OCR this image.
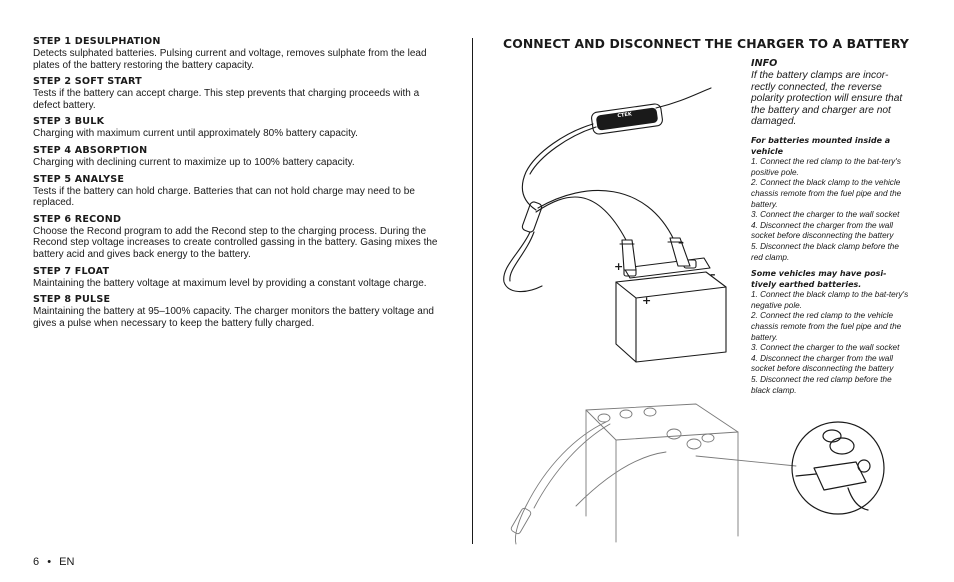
STEP 1 DESULPHATION
Detects sulphated batteries. Pulsing current and voltage, removes sulphate from the lead plates of the battery restoring the battery capacity.
STEP 2 SOFT START
Tests if the battery can accept charge. This step prevents that charging proceeds with a defect battery.
STEP 3 BULK
Charging with maximum current until approximately 80% battery capacity.
STEP 4 ABSORPTION
Charging with declining current to maximize up to 100% battery capacity.
STEP 5 ANALYSE
Tests if the battery can hold charge. Batteries that can not hold charge may need to be replaced.
STEP 6 RECOND
Choose the Recond program to add the Recond step to the charging process. During the Recond step voltage increases to create controlled gassing in the battery. Gasing mixes the battery acid and gives back energy to the battery.
STEP 7 FLOAT
Maintaining the battery voltage at maximum level by providing a constant voltage charge.
STEP 8 PULSE
Maintaining the battery at 95–100% capacity. The charger monitors the battery voltage and gives a pulse when necessary to keep the battery fully charged.
6 • EN
CONNECT AND DISCONNECT THE CHARGER TO A BATTERY
+
–
–
+
CTEK
INFO
If the battery clamps are incor-rectly connected, the reverse polarity protection will ensure that the battery and charger are not damaged.
For batteries mounted inside a vehicle
1. Connect the red clamp to the bat-tery's positive pole.
2. Connect the black clamp to the vehicle chassis remote from the fuel pipe and the battery.
3. Connect the charger to the wall socket
4. Disconnect the charger from the wall socket before disconnecting the battery
5. Disconnect the black clamp before the red clamp.
Some vehicles may have posi-tively earthed batteries.
1. Connect the black clamp to the bat-tery's negative pole.
2. Connect the red clamp to the vehicle chassis remote from the fuel pipe and the battery.
3. Connect the charger to the wall socket
4. Disconnect the charger from the wall socket before disconnecting the battery
5. Disconnect the red clamp before the black clamp.
